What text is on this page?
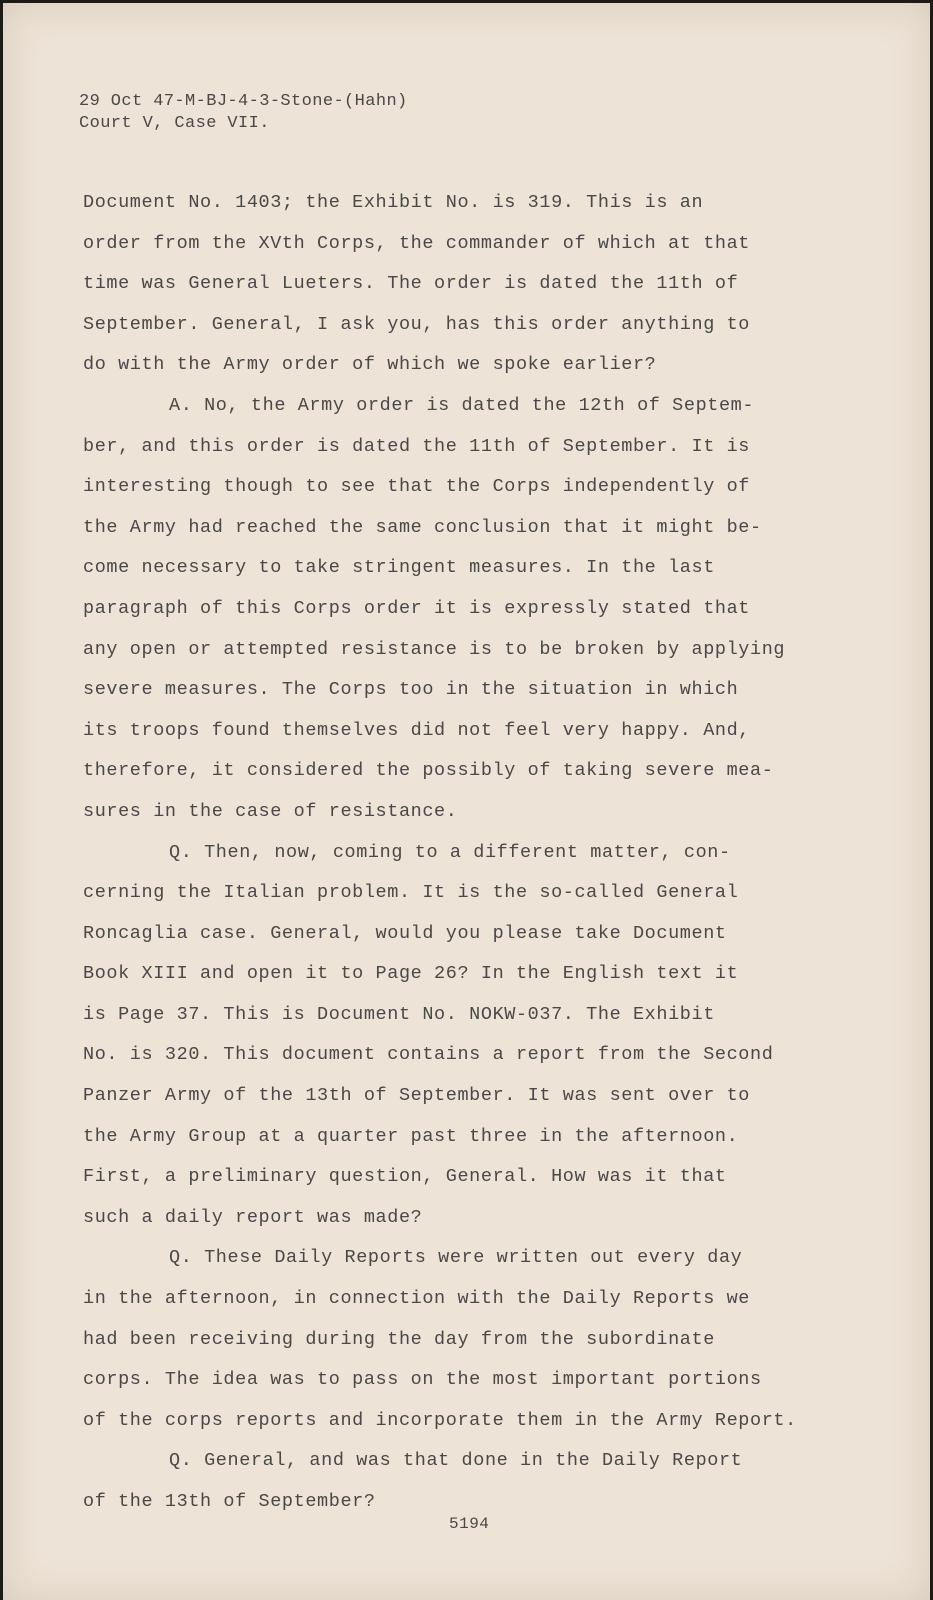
29 Oct 47-M-BJ-4-3-Stone-(Hahn)
Court V, Case VII.
Document No. 1403; the Exhibit No. is 319. This is an
order from the XVth Corps, the commander of which at that
time was General Lueters. The order is dated the 11th of
September. General, I ask you, has this order anything to
do with the Army order of which we spoke earlier?
A. No, the Army order is dated the 12th of Septem-
ber, and this order is dated the 11th of September. It is
interesting though to see that the Corps independently of
the Army had reached the same conclusion that it might be-
come necessary to take stringent measures. In the last
paragraph of this Corps order it is expressly stated that
any open or attempted resistance is to be broken by applying
severe measures. The Corps too in the situation in which
its troops found themselves did not feel very happy. And,
therefore, it considered the possibly of taking severe mea-
sures in the case of resistance.
Q. Then, now, coming to a different matter, con-
cerning the Italian problem. It is the so-called General
Roncaglia case. General, would you please take Document
Book XIII and open it to Page 26? In the English text it
is Page 37. This is Document No. NOKW-037. The Exhibit
No. is 320. This document contains a report from the Second
Panzer Army of the 13th of September. It was sent over to
the Army Group at a quarter past three in the afternoon.
First, a preliminary question, General. How was it that
such a daily report was made?
Q. These Daily Reports were written out every day
in the afternoon, in connection with the Daily Reports we
had been receiving during the day from the subordinate
corps. The idea was to pass on the most important portions
of the corps reports and incorporate them in the Army Report.
Q. General, and was that done in the Daily Report
of the 13th of September?
5194
